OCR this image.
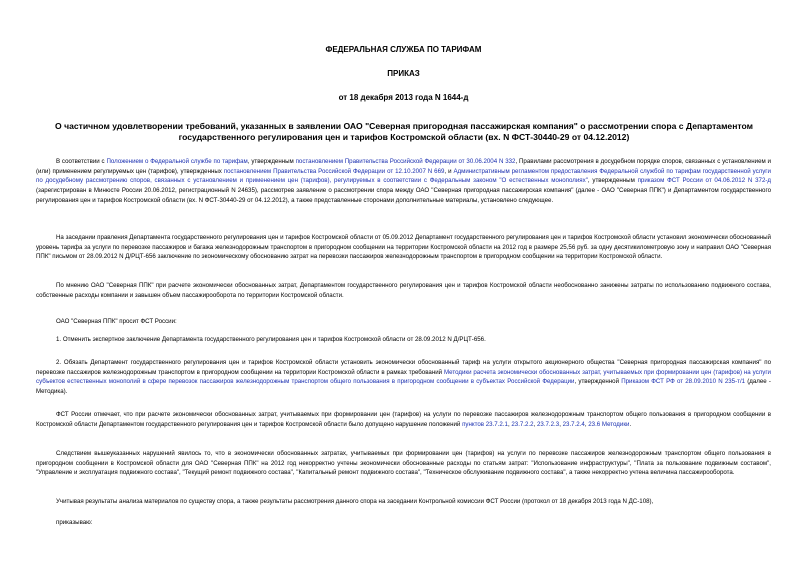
ФЕДЕРАЛЬНАЯ СЛУЖБА ПО ТАРИФАМ
ПРИКАЗ
от 18 декабря 2013 года N 1644-д
О частичном удовлетворении требований, указанных в заявлении ОАО "Северная пригородная пассажирская компания" о рассмотрении спора с Департаментом государственного регулирования цен и тарифов Костромской области (вх. N ФСТ-30440-29 от 04.12.2012)
В соответствии с Положением о Федеральной службе по тарифам, утвержденным постановлением Правительства Российской Федерации от 30.06.2004 N 332, Правилами рассмотрения в досудебном порядке споров, связанных с установлением и (или) применением регулируемых цен (тарифов), утвержденных постановлением Правительства Российской Федерации от 12.10.2007 N 669, и Административным регламентом предоставления Федеральной службой по тарифам государственной услуги по досудебному рассмотрению споров, связанных с установлением и применением цен (тарифов), регулируемых в соответствии с Федеральным законом "О естественных монополиях", утвержденным приказом ФСТ России от 04.06.2012 N 372-д (зарегистрирован в Минюсте России 20.06.2012, регистрационный N 24635), рассмотрев заявление о рассмотрении спора между ОАО "Северная пригородная пассажирская компания" (далее - ОАО "Северная ППК") и Департаментом государственного регулирования цен и тарифов Костромской области (вх. N ФСТ-30440-29 от 04.12.2012), а также представленные сторонами дополнительные материалы, установлено следующее.
На заседании правления Департамента государственного регулирования цен и тарифов Костромской области от 05.09.2012 Департамент государственного регулирования цен и тарифов Костромской области установил экономически обоснованный уровень тарифа за услуги по перевозке пассажиров и багажа железнодорожным транспортом в пригородном сообщении на территории Костромской области на 2012 год в размере 25,56 руб. за одну десятикилометровую зону и направил ОАО "Северная ППК" письмом от 28.09.2012 N Д/РЦТ-656 заключение по экономическому обоснованию затрат на перевозки пассажиров железнодорожным транспортом в пригородном сообщении на территории Костромской области.
По мнению ОАО "Северная ППК" при расчете экономически обоснованных затрат, Департаментом государственного регулирования цен и тарифов Костромской области необоснованно занижены затраты по использованию подвижного состава, собственные расходы компании и завышен объем пассажирооборота по территории Костромской области.
ОАО "Северная ППК" просит ФСТ России:
1. Отменить экспертное заключение Департамента государственного регулирования цен и тарифов Костромской области от 28.09.2012 N Д/РЦТ-656.
2. Обязать Департамент государственного регулирования цен и тарифов Костромской области установить экономически обоснованный тариф на услуги открытого акционерного общества "Северная пригородная пассажирская компания" по перевозке пассажиров железнодорожным транспортом в пригородном сообщении на территории Костромской области в рамках требований Методики расчета экономически обоснованных затрат, учитываемых при формировании цен (тарифов) на услуги субъектов естественных монополий в сфере перевозок пассажиров железнодорожным транспортом общего пользования в пригородном сообщении в субъектах Российской Федерации, утвержденной Приказом ФСТ РФ от 28.09.2010 N 235-т/1 (далее - Методика).
ФСТ России отмечает, что при расчете экономически обоснованных затрат, учитываемых при формировании цен (тарифов) на услуги по перевозке пассажиров железнодорожным транспортом общего пользования в пригородном сообщении в Костромской области Департаментом государственного регулирования цен и тарифов Костромской области было допущено нарушение положений пунктов 23.7.2.1, 23.7.2.2, 23.7.2.3, 23.7.2.4, 23.6 Методики.
Следствием вышеуказанных нарушений явилось то, что в экономически обоснованных затратах, учитываемых при формировании цен (тарифов) на услуги по перевозке пассажиров железнодорожным транспортом общего пользования в пригородном сообщении в Костромской области для ОАО "Северная ППК" на 2012 год некорректно учтены экономически обоснованные расходы по статьям затрат: "Использование инфраструктуры", "Плата за пользование подвижным составом", "Управление и эксплуатация подвижного состава", "Текущий ремонт подвижного состава", "Капитальный ремонт подвижного состава", "Техническое обслуживание подвижного состава", а также некорректно учтена величина пассажирооборота.
Учитывая результаты анализа материалов по существу спора, а также результаты рассмотрения данного спора на заседании Контрольной комиссии ФСТ России (протокол от 18 декабря 2013 года N ДС-108),
приказываю:
